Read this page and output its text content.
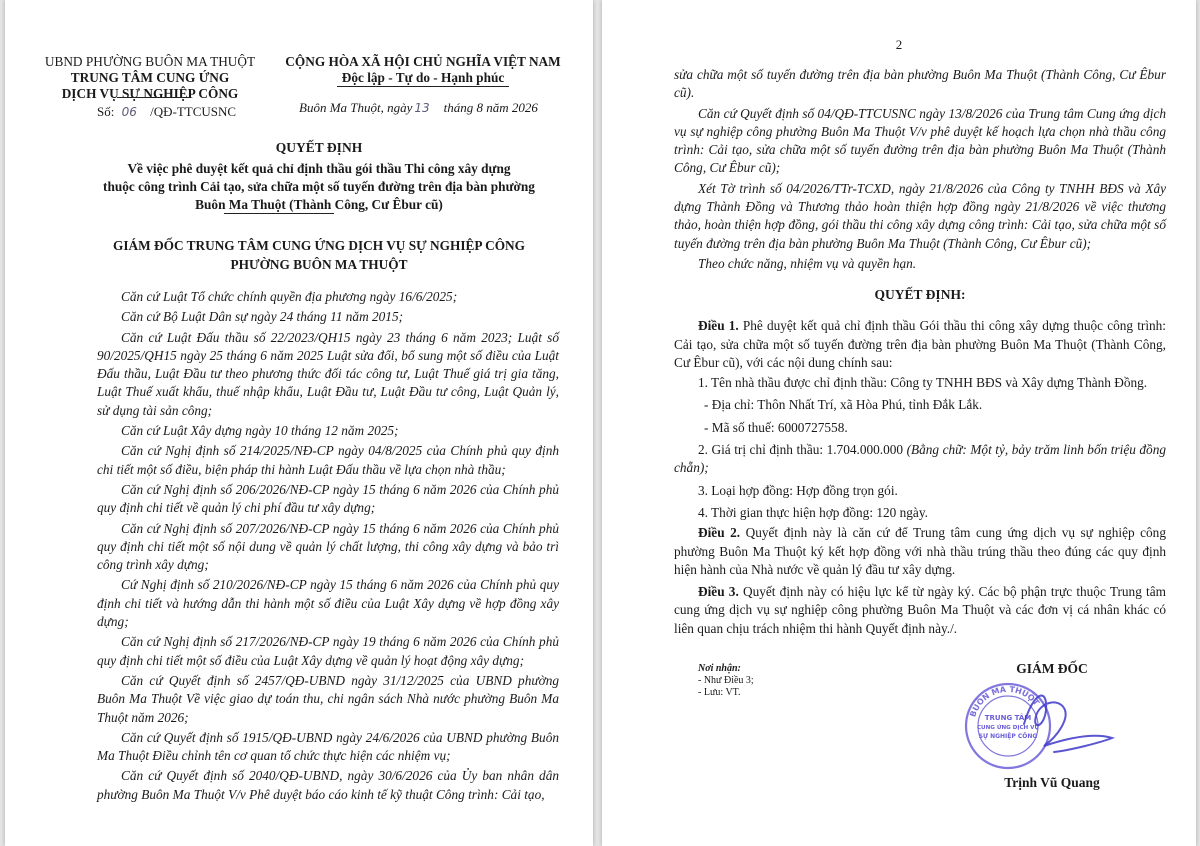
UBND PHƯỜNG BUÔN MA THUỘT
TRUNG TÂM CUNG ỨNG
DỊCH VỤ SỰ NGHIỆP CÔNG
Số: 06 /QĐ-TTCUSNC
CỘNG HÒA XÃ HỘI CHỦ NGHĨA VIỆT NAM
Độc lập - Tự do - Hạnh phúc
Buôn Ma Thuột, ngày 13 tháng 8 năm 2026
QUYẾT ĐỊNH
Về việc phê duyệt kết quả chỉ định thầu gói thầu Thi công xây dựng
thuộc công trình Cải tạo, sửa chữa một số tuyến đường trên địa bàn phường
Buôn Ma Thuột (Thành Công, Cư Êbur cũ)
GIÁM ĐỐC TRUNG TÂM CUNG ỨNG DỊCH VỤ SỰ NGHIỆP CÔNG
PHƯỜNG BUÔN MA THUỘT
Căn cứ Luật Tổ chức chính quyền địa phương ngày 16/6/2025;
Căn cứ Bộ Luật Dân sự ngày 24 tháng 11 năm 2015;
Căn cứ Luật Đấu thầu số 22/2023/QH15 ngày 23 tháng 6 năm 2023; Luật số 90/2025/QH15 ngày 25 tháng 6 năm 2025 Luật sửa đổi, bổ sung một số điều của Luật Đấu thầu, Luật Đầu tư theo phương thức đối tác công tư, Luật Thuế giá trị gia tăng, Luật Thuế xuất khẩu, thuế nhập khẩu, Luật Đầu tư, Luật Đầu tư công, Luật Quản lý, sử dụng tài sản công;
Căn cứ Luật Xây dựng ngày 10 tháng 12 năm 2025;
Căn cứ Nghị định số 214/2025/NĐ-CP ngày 04/8/2025 của Chính phủ quy định chi tiết một số điều, biện pháp thi hành Luật Đấu thầu về lựa chọn nhà thầu;
Căn cứ Nghị định số 206/2026/NĐ-CP ngày 15 tháng 6 năm 2026 của Chính phủ quy định chi tiết về quản lý chi phí đầu tư xây dựng;
Căn cứ Nghị định số 207/2026/NĐ-CP ngày 15 tháng 6 năm 2026 của Chính phủ quy định chi tiết một số nội dung về quản lý chất lượng, thi công xây dựng và bảo trì công trình xây dựng;
Cứ Nghị định số 210/2026/NĐ-CP ngày 15 tháng 6 năm 2026 của Chính phủ quy định chi tiết và hướng dẫn thi hành một số điều của Luật Xây dựng về hợp đồng xây dựng;
Căn cứ Nghị định số 217/2026/NĐ-CP ngày 19 tháng 6 năm 2026 của Chính phủ quy định chi tiết một số điều của Luật Xây dựng về quản lý hoạt động xây dựng;
Căn cứ Quyết định số 2457/QĐ-UBND ngày 31/12/2025 của UBND phường Buôn Ma Thuột Về việc giao dự toán thu, chi ngân sách Nhà nước phường Buôn Ma Thuột năm 2026;
Căn cứ Quyết định số 1915/QĐ-UBND ngày 24/6/2026 của UBND phường Buôn Ma Thuột Điều chỉnh tên cơ quan tổ chức thực hiện các nhiệm vụ;
Căn cứ Quyết định số 2040/QĐ-UBND, ngày 30/6/2026 của Ủy ban nhân dân phường Buôn Ma Thuột V/v Phê duyệt báo cáo kinh tế kỹ thuật Công trình: Cải tạo,
2
sửa chữa một số tuyến đường trên địa bàn phường Buôn Ma Thuột (Thành Công, Cư Êbur cũ).
Căn cứ Quyết định số 04/QĐ-TTCUSNC ngày 13/8/2026 của Trung tâm Cung ứng dịch vụ sự nghiệp công phường Buôn Ma Thuột V/v phê duyệt kế hoạch lựa chọn nhà thầu công trình: Cải tạo, sửa chữa một số tuyến đường trên địa bàn phường Buôn Ma Thuột (Thành Công, Cư Êbur cũ);
Xét Tờ trình số 04/2026/TTr-TCXD, ngày 21/8/2026 của Công ty TNHH BĐS và Xây dựng Thành Đồng và Thương thảo hoàn thiện hợp đồng ngày 21/8/2026 về việc thương thảo, hoàn thiện hợp đồng, gói thầu thi công xây dựng công trình: Cải tạo, sửa chữa một số tuyến đường trên địa bàn phường Buôn Ma Thuột (Thành Công, Cư Êbur cũ);
Theo chức năng, nhiệm vụ và quyền hạn.
QUYẾT ĐỊNH:
Điều 1. Phê duyệt kết quả chỉ định thầu Gói thầu thi công xây dựng thuộc công trình: Cải tạo, sửa chữa một số tuyến đường trên địa bàn phường Buôn Ma Thuột (Thành Công, Cư Êbur cũ), với các nội dung chính sau:
1. Tên nhà thầu được chỉ định thầu: Công ty TNHH BĐS và Xây dựng Thành Đồng.
- Địa chỉ: Thôn Nhất Trí, xã Hòa Phú, tỉnh Đắk Lắk.
- Mã số thuế: 6000727558.
2. Giá trị chỉ định thầu: 1.704.000.000 (Bằng chữ: Một tỷ, bảy trăm linh bốn triệu đồng chẵn);
3. Loại hợp đồng: Hợp đồng trọn gói.
4. Thời gian thực hiện hợp đồng: 120 ngày.
Điều 2. Quyết định này là căn cứ để Trung tâm cung ứng dịch vụ sự nghiệp công phường Buôn Ma Thuột ký kết hợp đồng với nhà thầu trúng thầu theo đúng các quy định hiện hành của Nhà nước về quản lý đầu tư xây dựng.
Điều 3. Quyết định này có hiệu lực kể từ ngày ký. Các bộ phận trực thuộc Trung tâm cung ứng dịch vụ sự nghiệp công phường Buôn Ma Thuột và các đơn vị cá nhân khác có liên quan chịu trách nhiệm thi hành Quyết định này./.
Nơi nhận:
- Như Điều 3;
- Lưu: VT.
GIÁM ĐỐC
BUÔN MA THUỘT
TRUNG TÂM
CUNG ỨNG DỊCH VỤ
SỰ NGHIỆP CÔNG
Trịnh Vũ Quang
